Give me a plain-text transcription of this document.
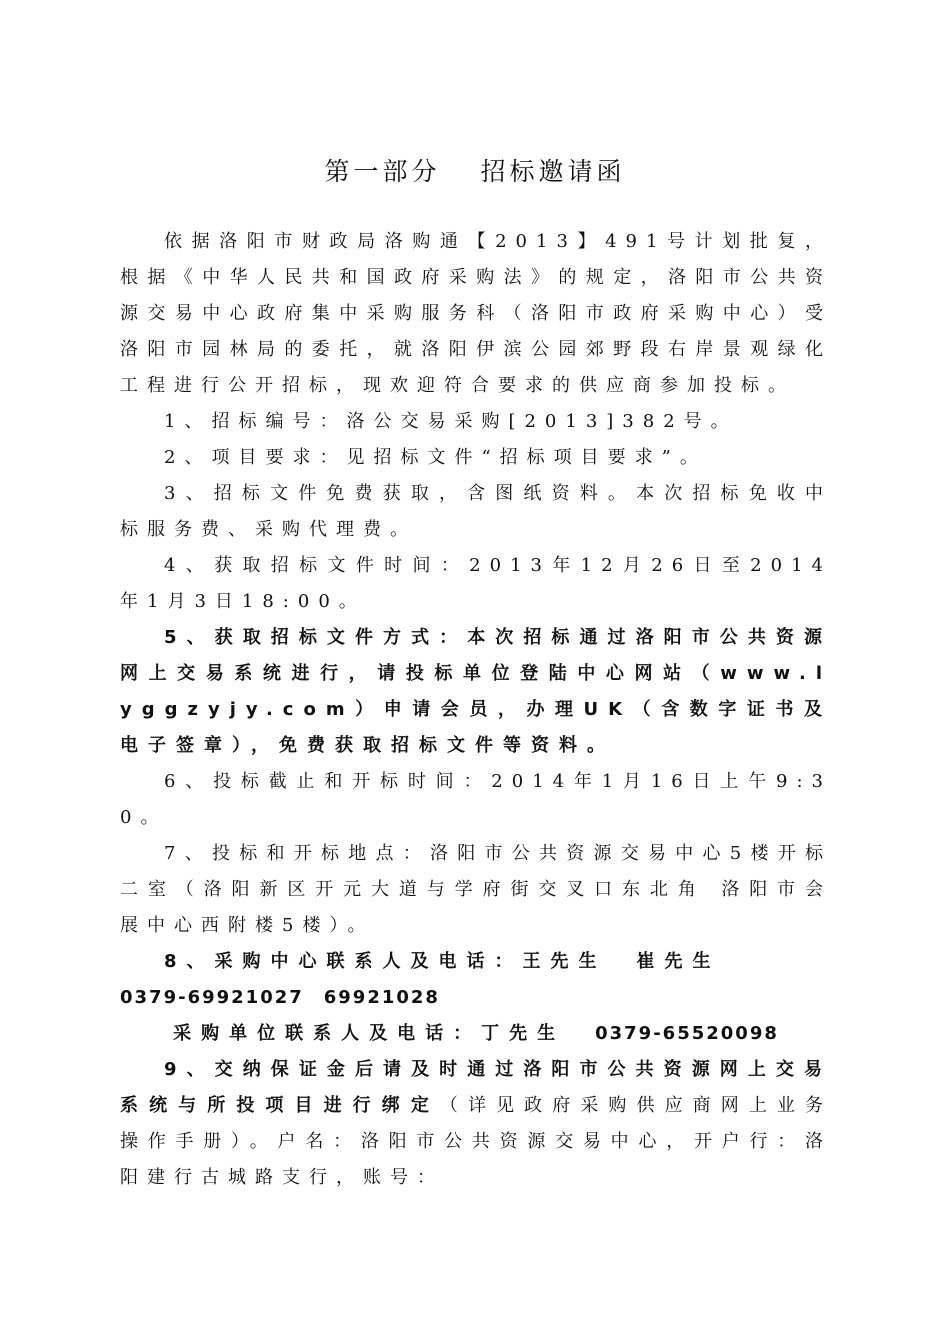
第一部分 招标邀请函

依据洛阳市财政局洛购通【2013】491号计划批复，根据《中华人民共和国政府采购法》的规定，洛阳市公共资源交易中心政府集中采购服务科（洛阳市政府采购中心）受洛阳市园林局的委托，就洛阳伊滨公园郊野段右岸景观绿化工程进行公开招标，现欢迎符合要求的供应商参加投标。

1、招标编号：洛公交易采购[2013]382号。

2、项目要求：见招标文件“招标项目要求”。

3、招标文件免费获取，含图纸资料。本次招标免收中标服务费、采购代理费。

4、获取招标文件时间：2013年12月26日至2014年1月3日18:00。

5、获取招标文件方式：本次招标通过洛阳市公共资源网上交易系统进行，请投标单位登陆中心网站（www.lyggzyjy.com）申请会员，办理UK（含数字证书及电子签章），免费获取招标文件等资料。

6、投标截止和开标时间：2014年1月16日上午9:30。

7、投标和开标地点：洛阳市公共资源交易中心5楼开标二室（洛阳新区开元大道与学府街交叉口东北角 洛阳市会展中心西附楼5楼）。

8、采购中心联系人及电话：王先生 崔先生

0379-69921027　69921028

采购单位联系人及电话：丁先生 0379-65520098

9、交纳保证金后请及时通过洛阳市公共资源网上交易系统与所投项目进行绑定（详见政府采购供应商网上业务操作手册）。户名：洛阳市公共资源交易中心，开户行：洛阳建行古城路支行，账号：
